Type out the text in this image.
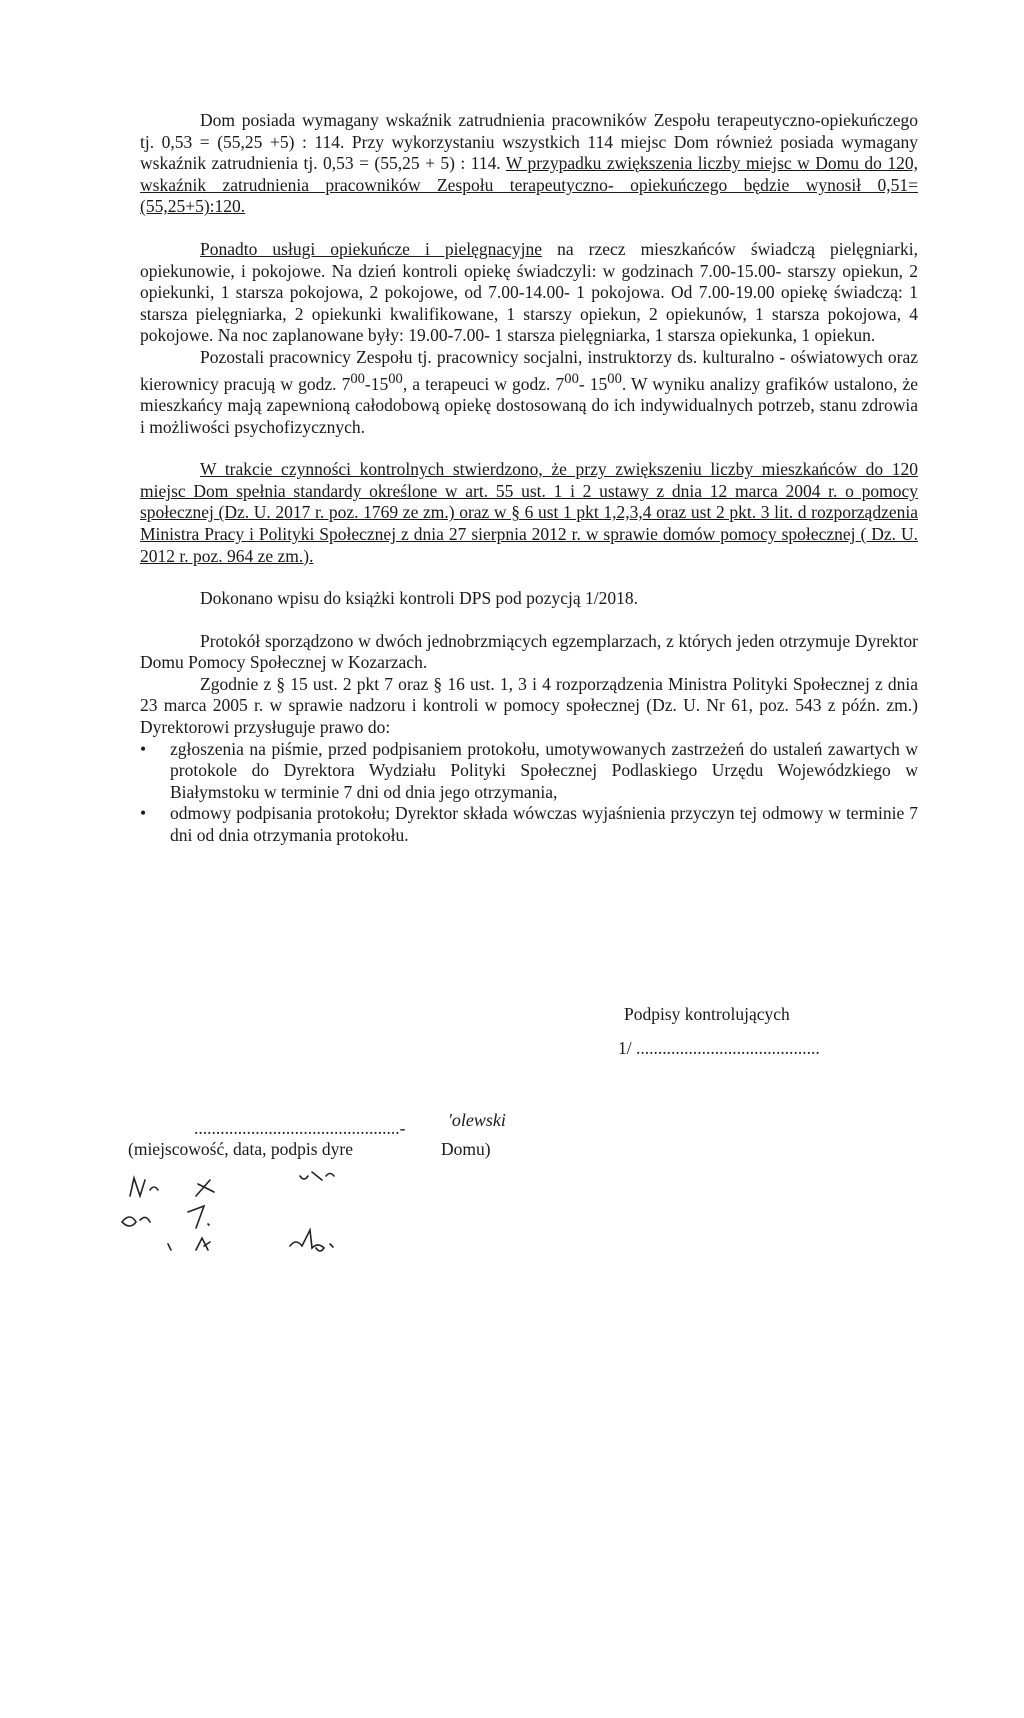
Dom posiada wymagany wskaźnik zatrudnienia pracowników Zespołu terapeutyczno-opiekuńczego tj. 0,53 = (55,25 +5) : 114. Przy wykorzystaniu wszystkich 114 miejsc Dom również posiada wymagany wskaźnik zatrudnienia tj. 0,53 = (55,25 + 5) : 114. W przypadku zwiększenia liczby miejsc w Domu do 120, wskaźnik zatrudnienia pracowników Zespołu terapeutyczno- opiekuńczego będzie wynosił 0,51= (55,25+5):120.

Ponadto usługi opiekuńcze i pielęgnacyjne na rzecz mieszkańców świadczą pielęgniarki, opiekunowie, i pokojowe. Na dzień kontroli opiekę świadczyli: w godzinach 7.00-15.00- starszy opiekun, 2 opiekunki, 1 starsza pokojowa, 2 pokojowe, od 7.00-14.00- 1 pokojowa. Od 7.00-19.00 opiekę świadczą: 1 starsza pielęgniarka, 2 opiekunki kwalifikowane, 1 starszy opiekun, 2 opiekunów, 1 starsza pokojowa, 4 pokojowe. Na noc zaplanowane były: 19.00-7.00- 1 starsza pielęgniarka, 1 starsza opiekunka, 1 opiekun.

Pozostali pracownicy Zespołu tj. pracownicy socjalni, instruktorzy ds. kulturalno - oświatowych oraz kierownicy pracują w godz. $7^{00}-15^{00}$, a terapeuci w godz. $7^{00}-$ $15^{00}$. W wyniku analizy grafików ustalono, że mieszkańcy mają zapewnioną całodobową opiekę dostosowaną do ich indywidualnych potrzeb, stanu zdrowia i możliwości psychofizycznych.

W trakcie czynności kontrolnych stwierdzono, że przy zwiększeniu liczby mieszkańców do 120 miejsc Dom spełnia standardy określone w art. 55 ust. 1 i 2 ustawy z dnia 12 marca 2004 r. o pomocy społecznej (Dz. U. 2017 r. poz. 1769 ze zm.) oraz w § 6 ust 1 pkt 1,2,3,4 oraz ust 2 pkt. 3 lit. d rozporządzenia Ministra Pracy i Polityki Społecznej z dnia 27 sierpnia 2012 r. w sprawie domów pomocy społecznej ( Dz. U. 2012 r. poz. 964 ze zm.).

Dokonano wpisu do książki kontroli DPS pod pozycją 1/2018.

Protokół sporządzono w dwóch jednobrzmiących egzemplarzach, z których jeden otrzymuje Dyrektor Domu Pomocy Społecznej w Kozarzach.

Zgodnie z § 15 ust. 2 pkt 7 oraz § 16 ust. 1, 3 i 4 rozporządzenia Ministra Polityki Społecznej z dnia 23 marca 2005 r. w sprawie nadzoru i kontroli w pomocy społecznej (Dz. U. Nr 61, poz. 543 z późn. zm.) Dyrektorowi przysługuje prawo do:

• zgłoszenia na piśmie, przed podpisaniem protokołu, umotywowanych zastrzeżeń do ustaleń zawartych w protokole do Dyrektora Wydziału Polityki Społecznej Podlaskiego Urzędu Wojewódzkiego w Białymstoku w terminie 7 dni od dnia jego otrzymania,
• odmowy podpisania protokołu; Dyrektor składa wówczas wyjaśnienia przyczyn tej odmowy w terminie 7 dni od dnia otrzymania protokołu.
Podpisy kontrolujących
1/ ..........................................
...............................................-
(miejscowość, data, podpis dyre
'olewski
Domu)
